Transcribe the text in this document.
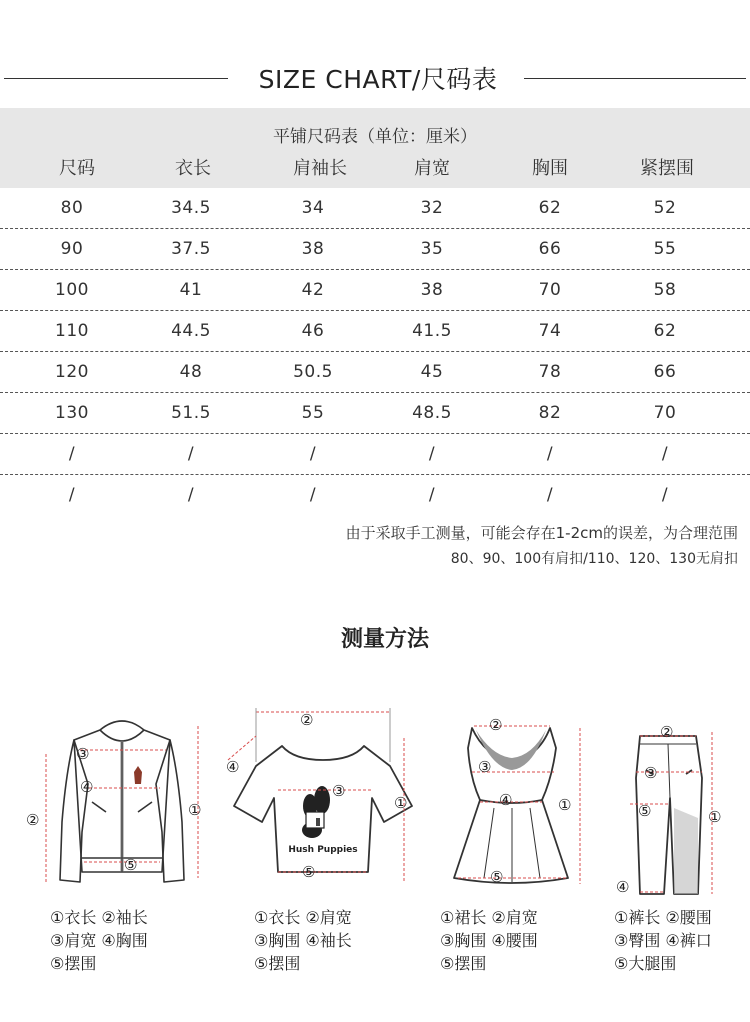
SIZE CHART/尺码表
平铺尺码表（单位：厘米）
尺码	衣长	肩袖长	肩宽	胸围	紧摆围
80	34.5	34	32	62	52
90	37.5	38	35	66	55
100	41	42	38	70	58
110	44.5	46	41.5	74	62
120	48	50.5	45	78	66
130	51.5	55	48.5	82	70
/	/	/	/	/	/
/	/	/	/	/	/
由于采取手工测量，可能会存在1-2cm的误差，为合理范围
80、90、100有肩扣/110、120、130无肩扣
测量方法
③
④
②
①
⑤
①衣长 ②袖长
③肩宽 ④胸围
⑤摆围
Hush Puppies
②
④
③
①
⑤
①衣长 ②肩宽
③胸围 ④袖长
⑤摆围
②
③
④	①
⑤
①裙长 ②肩宽
③胸围 ④腰围
⑤摆围
②
③
⑤	①
④
①裤长 ②腰围
③臀围 ④裤口
⑤大腿围
